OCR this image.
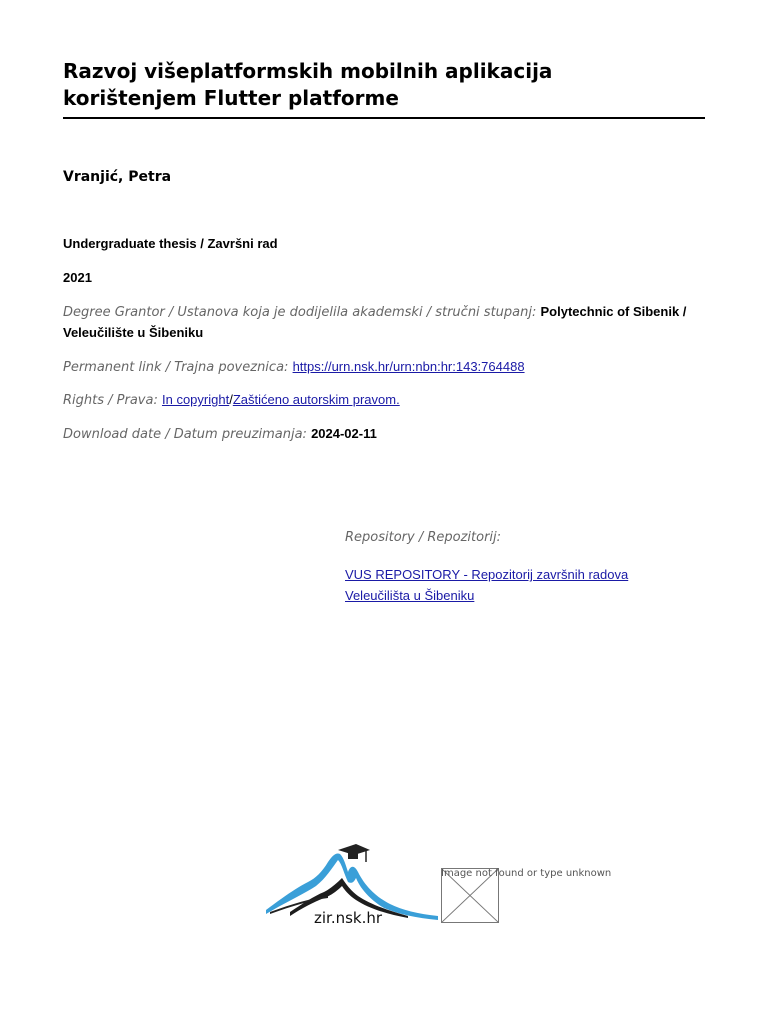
Razvoj višeplatformskih mobilnih aplikacija
korištenjem Flutter platforme
Vranjić, Petra
Undergraduate thesis / Završni rad
2021
Degree Grantor / Ustanova koja je dodijelila akademski / stručni stupanj: Polytechnic of Sibenik / Veleučilište u Šibeniku
Permanent link / Trajna poveznica: https://urn.nsk.hr/urn:nbn:hr:143:764488
Rights / Prava: In copyright/Zaštićeno autorskim pravom.
Download date / Datum preuzimanja: 2024-02-11
Repository / Repozitorij:
VUS REPOSITORY - Repozitorij završnih radova Veleučilišta u Šibeniku
zir.nsk.hr
Image not found or type unknown
